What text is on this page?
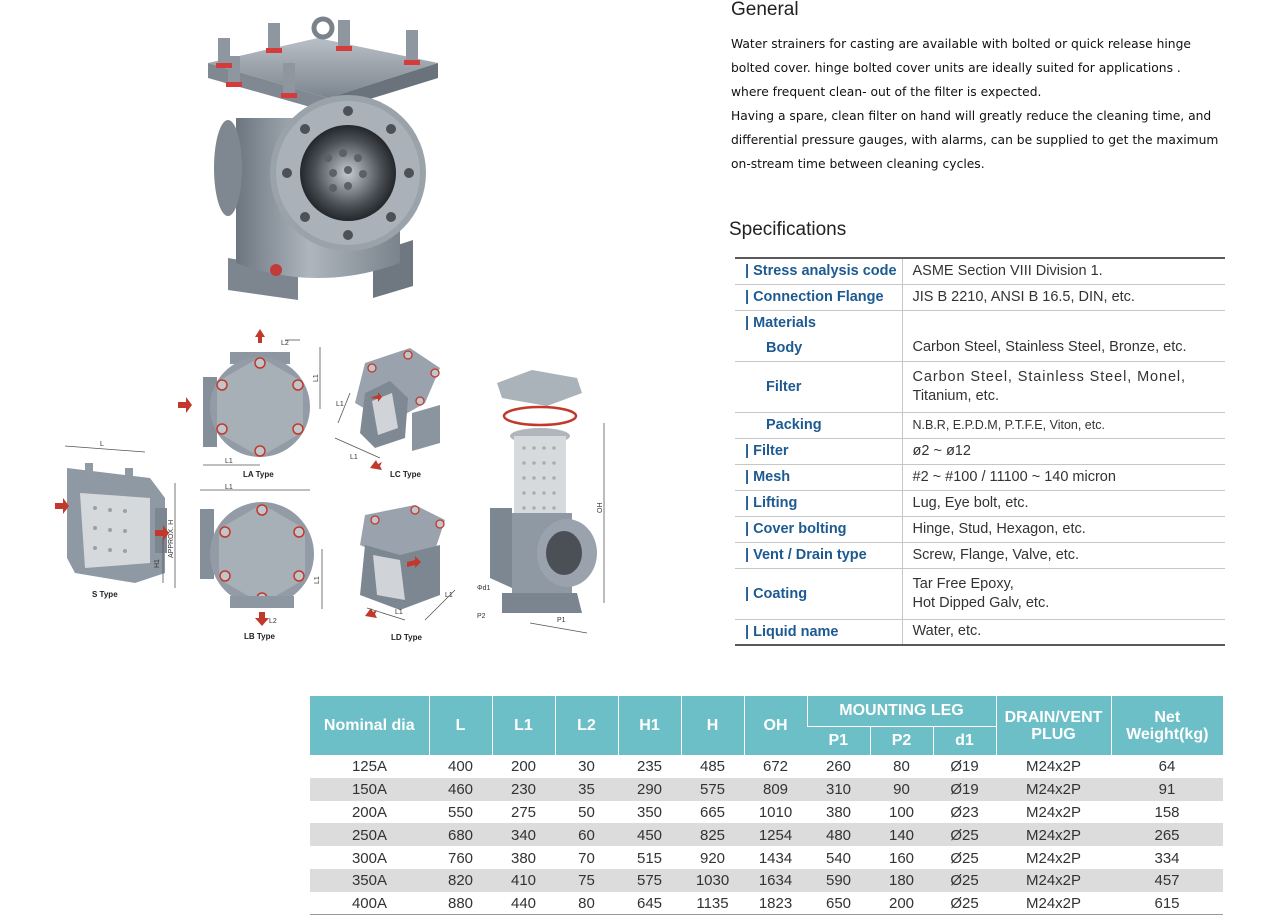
L
H1
APPROX. H
S Type
L2
L1
L1
LA Type
L1
L1
L2
LB Type
L1
L1
LC Type
L1
L1
LD Type
OH
Φd1
P2
P1
General

Water strainers for casting are available with bolted or quick release hinge

bolted cover. hinge bolted cover units are ideally suited for applications .

where frequent clean- out of the filter is expected.

Having a spare, clean filter on hand will greatly reduce the cleaning time, and

differential pressure gauges, with alarms, can be supplied to get the maximum

on-stream time between cleaning cycles.

Specifications
| Stress analysis code	ASME Section VIII Division 1.
| Connection Flange	JIS B 2210, ANSI B 16.5, DIN, etc.
| Materials	
Body	Carbon Steel, Stainless Steel, Bronze, etc.
Filter	Carbon Steel, Stainless Steel, Monel,
Titanium, etc.

Packing	N.B.R, E.P.D.M, P.T.F.E, Viton, etc.
| Filter	ø2 ~ ø12
| Mesh	#2 ~ #100 / 11100 ~ 140 micron
| Lifting	Lug, Eye bolt, etc.
| Cover bolting	Hinge, Stud, Hexagon, etc.
| Vent / Drain type	Screw, Flange, Valve, etc.
| Coating	Tar Free Epoxy,
Hot Dipped Galv, etc.

| Liquid name	Water, etc.
Nominal dia	L	L1	L2	H1	H	OH	MOUNTING LEG			DRAIN/VENT PLUG	Net Weight(kg)
							P1	P2	d1		
125A	400	200	30	235	485	672	260	80	Ø19	M24x2P	64
150A	460	230	35	290	575	809	310	90	Ø19	M24x2P	91
200A	550	275	50	350	665	1010	380	100	Ø23	M24x2P	158
250A	680	340	60	450	825	1254	480	140	Ø25	M24x2P	265
300A	760	380	70	515	920	1434	540	160	Ø25	M24x2P	334
350A	820	410	75	575	1030	1634	590	180	Ø25	M24x2P	457
400A	880	440	80	645	1135	1823	650	200	Ø25	M24x2P	615
